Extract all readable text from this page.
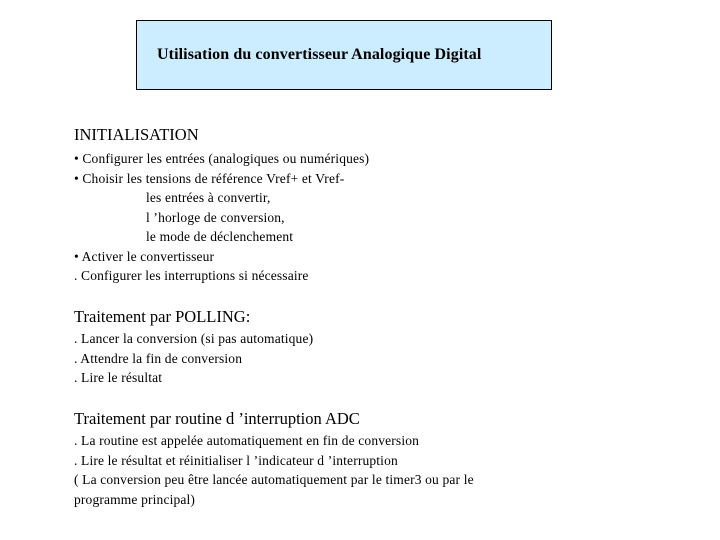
Utilisation du convertisseur Analogique Digital
INITIALISATION
• Configurer les entrées (analogiques ou numériques)
• Choisir les tensions de référence Vref+ et Vref-
les entrées à convertir,
l ’horloge de conversion,
le mode de déclenchement
• Activer le convertisseur
. Configurer les interruptions si nécessaire
Traitement par POLLING:
. Lancer la conversion (si pas automatique)
. Attendre la fin de conversion
. Lire le résultat
Traitement par routine d ’interruption ADC
. La routine est appelée automatiquement en fin de conversion
. Lire le résultat et réinitialiser l ’indicateur d ’interruption
( La conversion peu être lancée automatiquement par le timer3 ou par le
programme principal)
